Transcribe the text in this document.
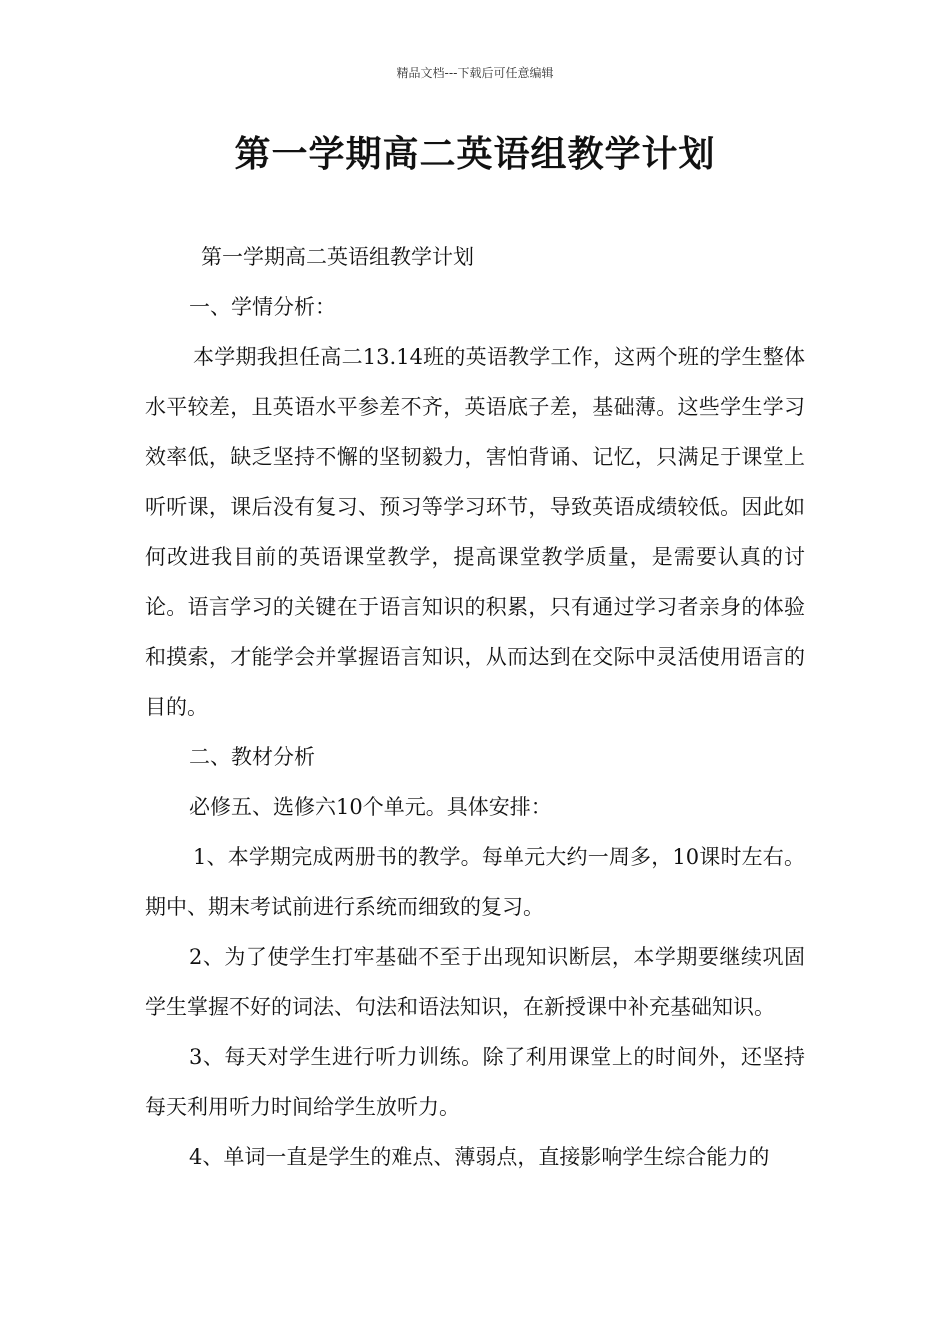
精品文档---下载后可任意编辑
第一学期高二英语组教学计划

第一学期高二英语组教学计划

一、学情分析：

本学期我担任高二13.14班的英语教学工作，这两个班的学生整体水平较差，且英语水平参差不齐，英语底子差，基础薄。这些学生学习效率低，缺乏坚持不懈的坚韧毅力，害怕背诵、记忆，只满足于课堂上听听课，课后没有复习、预习等学习环节，导致英语成绩较低。因此如何改进我目前的英语课堂教学，提高课堂教学质量，是需要认真的讨论。语言学习的关键在于语言知识的积累，只有通过学习者亲身的体验和摸索，才能学会并掌握语言知识，从而达到在交际中灵活使用语言的目的。

二、教材分析

必修五、选修六10个单元。具体安排：

1、本学期完成两册书的教学。每单元大约一周多，10课时左右。期中、期末考试前进行系统而细致的复习。

2、为了使学生打牢基础不至于出现知识断层，本学期要继续巩固学生掌握不好的词法、句法和语法知识，在新授课中补充基础知识。

3、每天对学生进行听力训练。除了利用课堂上的时间外，还坚持每天利用听力时间给学生放听力。

4、单词一直是学生的难点、薄弱点，直接影响学生综合能力的
